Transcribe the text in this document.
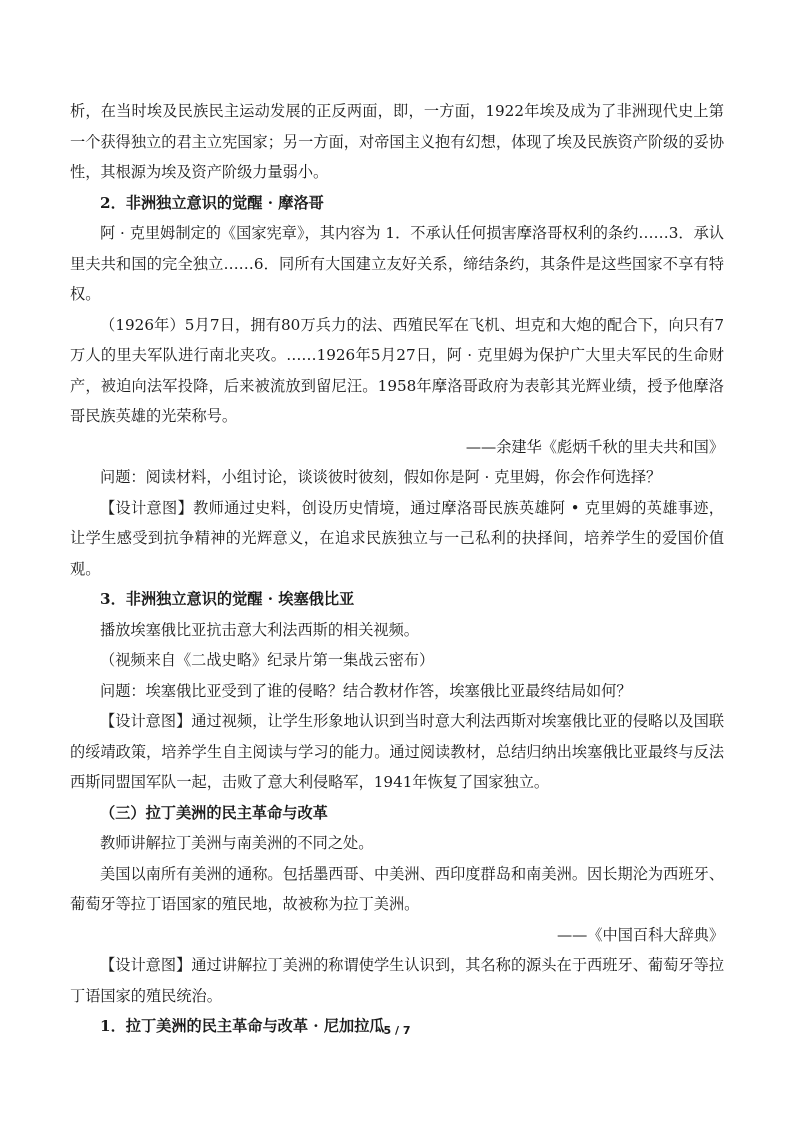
析，在当时埃及民族民主运动发展的正反两面，即，一方面，1922年埃及成为了非洲现代史上第一个获得独立的君主立宪国家；另一方面，对帝国主义抱有幻想，体现了埃及民族资产阶级的妥协性，其根源为埃及资产阶级力量弱小。

2．非洲独立意识的觉醒 · 摩洛哥

阿 · 克里姆制定的《国家宪章》，其内容为 1．不承认任何损害摩洛哥权利的条约……3．承认里夫共和国的完全独立……6．同所有大国建立友好关系，缔结条约，其条件是这些国家不享有特权。

（1926年）5月7日，拥有80万兵力的法、西殖民军在飞机、坦克和大炮的配合下，向只有7万人的里夫军队进行南北夹攻。……1926年5月27日，阿 · 克里姆为保护广大里夫军民的生命财产，被迫向法军投降，后来被流放到留尼汪。1958年摩洛哥政府为表彰其光辉业绩，授予他摩洛哥民族英雄的光荣称号。

——余建华《彪炳千秋的里夫共和国》

问题：阅读材料，小组讨论，谈谈彼时彼刻，假如你是阿 · 克里姆，你会作何选择？

【设计意图】教师通过史料，创设历史情境，通过摩洛哥民族英雄阿 • 克里姆的英雄事迹，让学生感受到抗争精神的光辉意义，在追求民族独立与一己私利的抉择间，培养学生的爱国价值观。

3．非洲独立意识的觉醒 · 埃塞俄比亚

播放埃塞俄比亚抗击意大利法西斯的相关视频。

（视频来自《二战史略》纪录片第一集战云密布）

问题：埃塞俄比亚受到了谁的侵略？结合教材作答，埃塞俄比亚最终结局如何？

【设计意图】通过视频，让学生形象地认识到当时意大利法西斯对埃塞俄比亚的侵略以及国联的绥靖政策，培养学生自主阅读与学习的能力。通过阅读教材，总结归纳出埃塞俄比亚最终与反法西斯同盟国军队一起，击败了意大利侵略军，1941年恢复了国家独立。

（三）拉丁美洲的民主革命与改革

教师讲解拉丁美洲与南美洲的不同之处。

美国以南所有美洲的通称。包括墨西哥、中美洲、西印度群岛和南美洲。因长期沦为西班牙、葡萄牙等拉丁语国家的殖民地，故被称为拉丁美洲。

——《中国百科大辞典》

【设计意图】通过讲解拉丁美洲的称谓使学生认识到，其名称的源头在于西班牙、葡萄牙等拉丁语国家的殖民统治。

1．拉丁美洲的民主革命与改革 · 尼加拉瓜

5 / 7
